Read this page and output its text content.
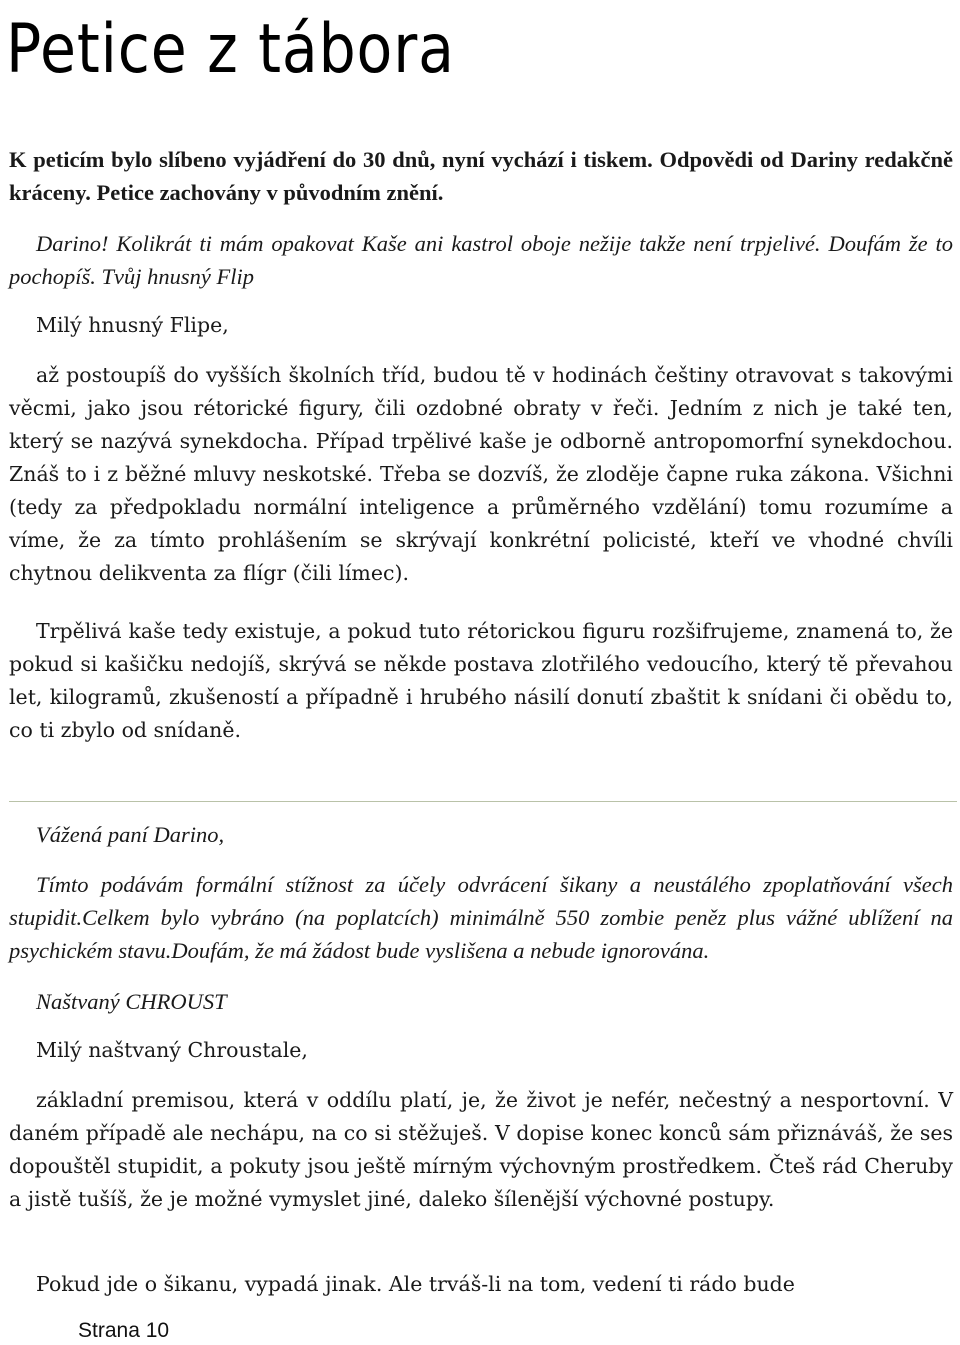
Petice z tábora

K peticím bylo slíbeno vyjádření do 30 dnů, nyní vychází i tiskem. Odpovědi od Dariny redakčně kráceny. Petice zachovány v původním znění.

Darino! Kolikrát ti mám opakovat Kaše ani kastrol oboje nežije takže není trpjelivé. Doufám že to pochopíš. Tvůj hnusný Flip

Milý hnusný Flipe,

až postoupíš do vyšších školních tříd, budou tě v hodinách češtiny otravovat s takovými věcmi, jako jsou rétorické figury, čili ozdobné obraty v řeči. Jedním z nich je také ten, který se nazývá synekdocha. Případ trpělivé kaše je odborně antropomorfní synekdochou. Znáš to i z běžné mluvy neskotské. Třeba se dozvíš, že zloděje čapne ruka zákona. Všichni (tedy za předpokladu normální inteligence a průměrného vzdělání) tomu rozumíme a víme, že za tímto prohlášením se skrývají konkrétní policisté, kteří ve vhodné chvíli chytnou delikventa za flígr (čili límec).

Trpělivá kaše tedy existuje, a pokud tuto rétorickou figuru rozšifrujeme, znamená to, že pokud si kašičku nedojíš, skrývá se někde postava zlotřilého vedoucího, který tě převahou let, kilogramů, zkušeností a případně i hrubého násilí donutí zbaštit k snídani či obědu to, co ti zbylo od snídaně.

Vážená paní Darino,

Tímto podávám formální stížnost za účely odvrácení šikany a neustálého zpoplatňování všech stupidit.Celkem bylo vybráno (na poplatcích) minimálně 550 zombie peněz plus vážné ublížení na psychickém stavu.Doufám, že má žádost bude vyslišena a nebude ignorována.

Naštvaný CHROUST

Milý naštvaný Chroustale,

základní premisou, která v oddílu platí, je, že život je nefér, nečestný a nesportovní. V daném případě ale nechápu, na co si stěžuješ. V dopise konec konců sám přiznáváš, že ses dopouštěl stupidit, a pokuty jsou ještě mírným výchovným prostředkem. Čteš rád Cheruby a jistě tušíš, že je možné vymyslet jiné, daleko šílenější výchovné postupy.

Pokud jde o šikanu, vypadá jinak. Ale trváš-li na tom, vedení ti rádo bude

Strana 10
